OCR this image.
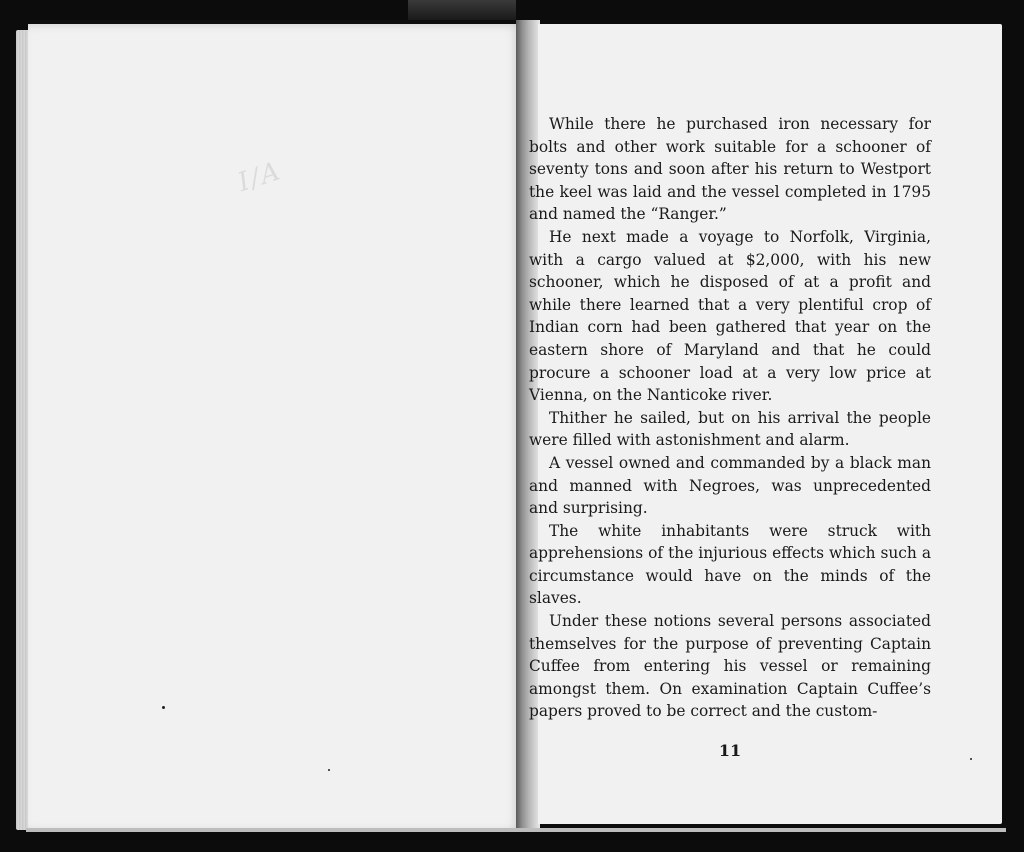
I/A

While there he purchased iron necessary for bolts and other work suitable for a schooner of seventy tons and soon after his return to Westport the keel was laid and the vessel completed in 1795 and named the “Ranger.”

He next made a voyage to Norfolk, Virginia, with a cargo valued at $2,000, with his new schooner, which he disposed of at a profit and while there learned that a very plentiful crop of Indian corn had been gathered that year on the eastern shore of Maryland and that he could procure a schooner load at a very low price at Vienna, on the Nanticoke river.

Thither he sailed, but on his arrival the people were filled with astonishment and alarm.

A vessel owned and commanded by a black man and manned with Negroes, was unprecedented and surprising.

The white inhabitants were struck with apprehensions of the injurious effects which such a circumstance would have on the minds of the slaves.

Under these notions several persons associated themselves for the purpose of preventing Captain Cuffee from entering his vessel or remaining amongst them. On examination Captain Cuffee’s papers proved to be correct and the custom-

11
